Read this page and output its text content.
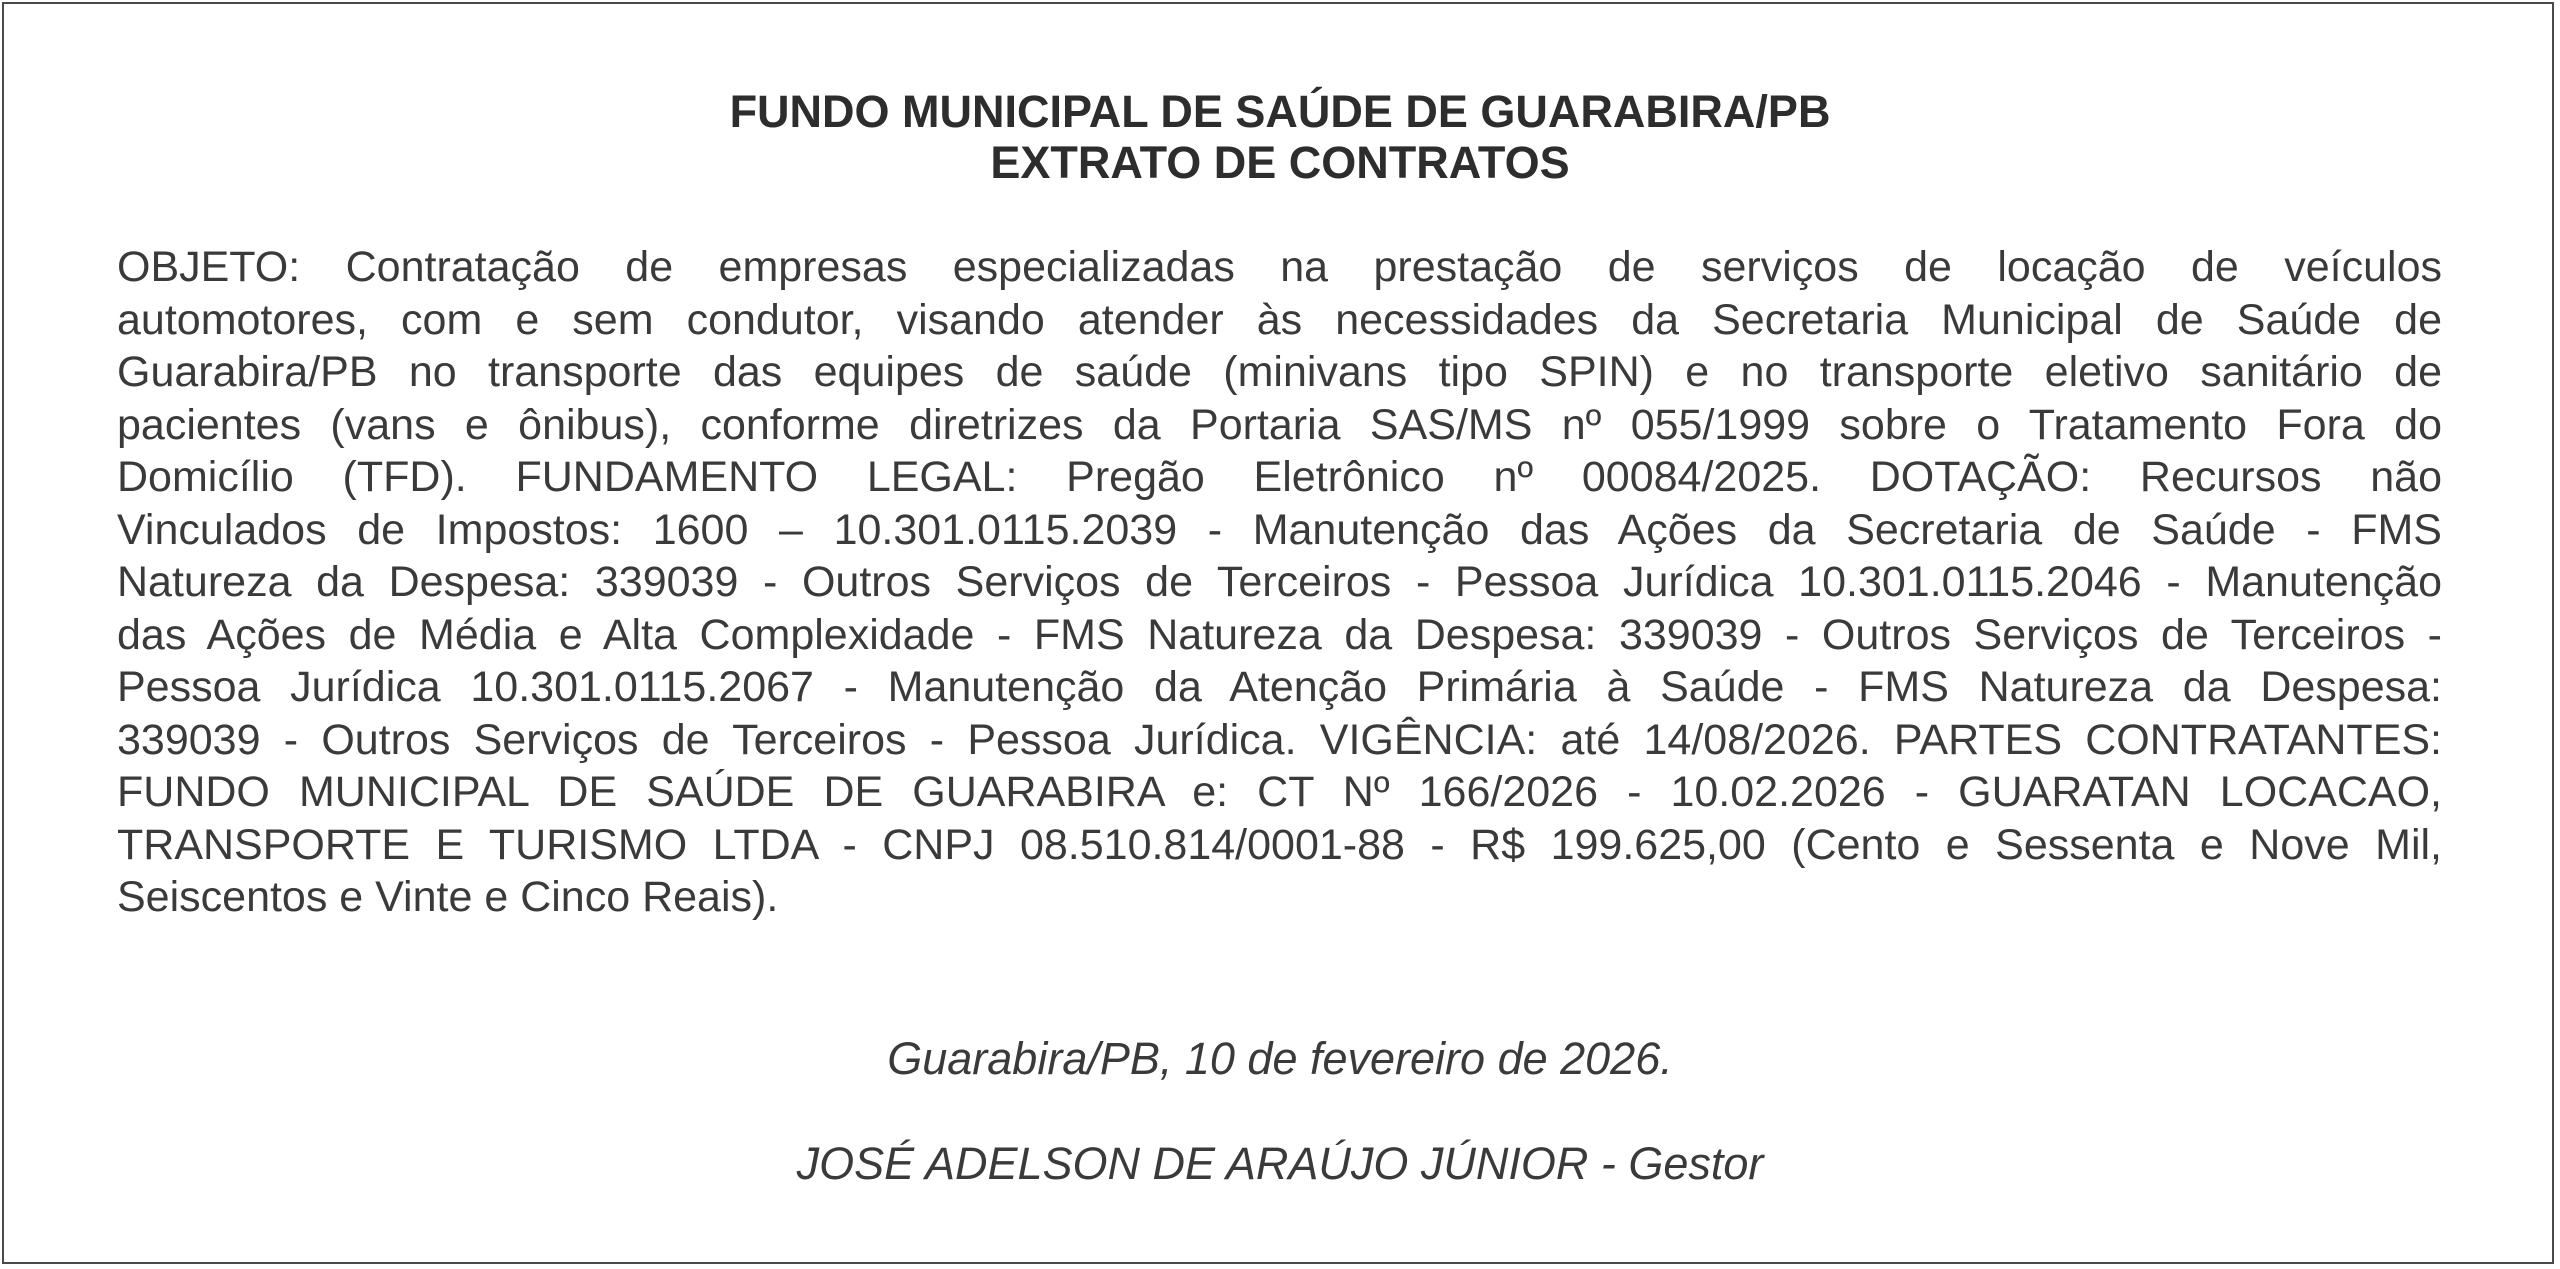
FUNDO MUNICIPAL DE SAÚDE DE GUARABIRA/PB
EXTRATO DE CONTRATOS
OBJETO: Contratação de empresas especializadas na prestação de serviços de locação de veículos
automotores, com e sem condutor, visando atender às necessidades da Secretaria Municipal de Saúde de
Guarabira/PB no transporte das equipes de saúde (minivans tipo SPIN) e no transporte eletivo sanitário de
pacientes (vans e ônibus), conforme diretrizes da Portaria SAS/MS nº 055/1999 sobre o Tratamento Fora do
Domicílio (TFD). FUNDAMENTO LEGAL: Pregão Eletrônico nº 00084/2025. DOTAÇÃO: Recursos não
Vinculados de Impostos: 1600 – 10.301.0115.2039 - Manutenção das Ações da Secretaria de Saúde - FMS
Natureza da Despesa: 339039 - Outros Serviços de Terceiros - Pessoa Jurídica 10.301.0115.2046 - Manutenção
das Ações de Média e Alta Complexidade - FMS Natureza da Despesa: 339039 - Outros Serviços de Terceiros -
Pessoa Jurídica 10.301.0115.2067 - Manutenção da Atenção Primária à Saúde - FMS Natureza da Despesa:
339039 - Outros Serviços de Terceiros - Pessoa Jurídica. VIGÊNCIA: até 14/08/2026. PARTES CONTRATANTES:
FUNDO MUNICIPAL DE SAÚDE DE GUARABIRA e: CT Nº 166/2026 - 10.02.2026 - GUARATAN LOCACAO,
TRANSPORTE E TURISMO LTDA - CNPJ 08.510.814/0001-88 - R$ 199.625,00 (Cento e Sessenta e Nove Mil,
Seiscentos e Vinte e Cinco Reais).
Guarabira/PB, 10 de fevereiro de 2026.
JOSÉ ADELSON DE ARAÚJO JÚNIOR - Gestor
